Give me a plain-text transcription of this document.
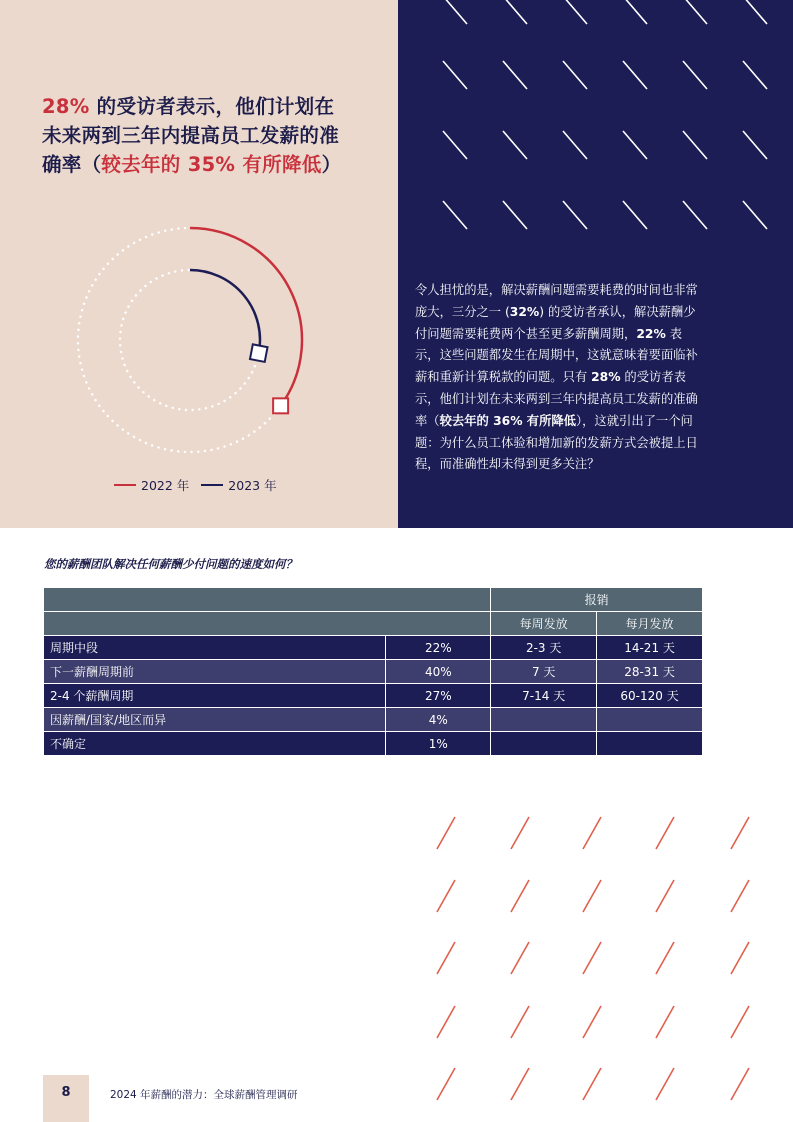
28% 的受访者表示，他们计划在未来两到三年内提高员工发薪的准确率（较去年的 35% 有所降低）
2022 年	2023 年
令人担忧的是，解决薪酬问题需要耗费的时间也非常庞大，三分之一 (32%) 的受访者承认，解决薪酬少付问题需要耗费两个甚至更多薪酬周期，22% 表示，这些问题都发生在周期中，这就意味着要面临补薪和重新计算税款的问题。只有 28% 的受访者表示，他们计划在未来两到三年内提高员工发薪的准确率（较去年的 36% 有所降低），这就引出了一个问题：为什么员工体验和增加新的发薪方式会被提上日程，而准确性却未得到更多关注？
您的薪酬团队解决任何薪酬少付问题的速度如何？
		报销	
		每周发放	每月发放
周期中段	22%	2-3 天	14-21 天
下一薪酬周期前	40%	7 天	28-31 天
2-4 个薪酬周期	27%	7-14 天	60-120 天
因薪酬/国家/地区而异	4%		
不确定	1%		
8	2024 年薪酬的潜力：全球薪酬管理调研
